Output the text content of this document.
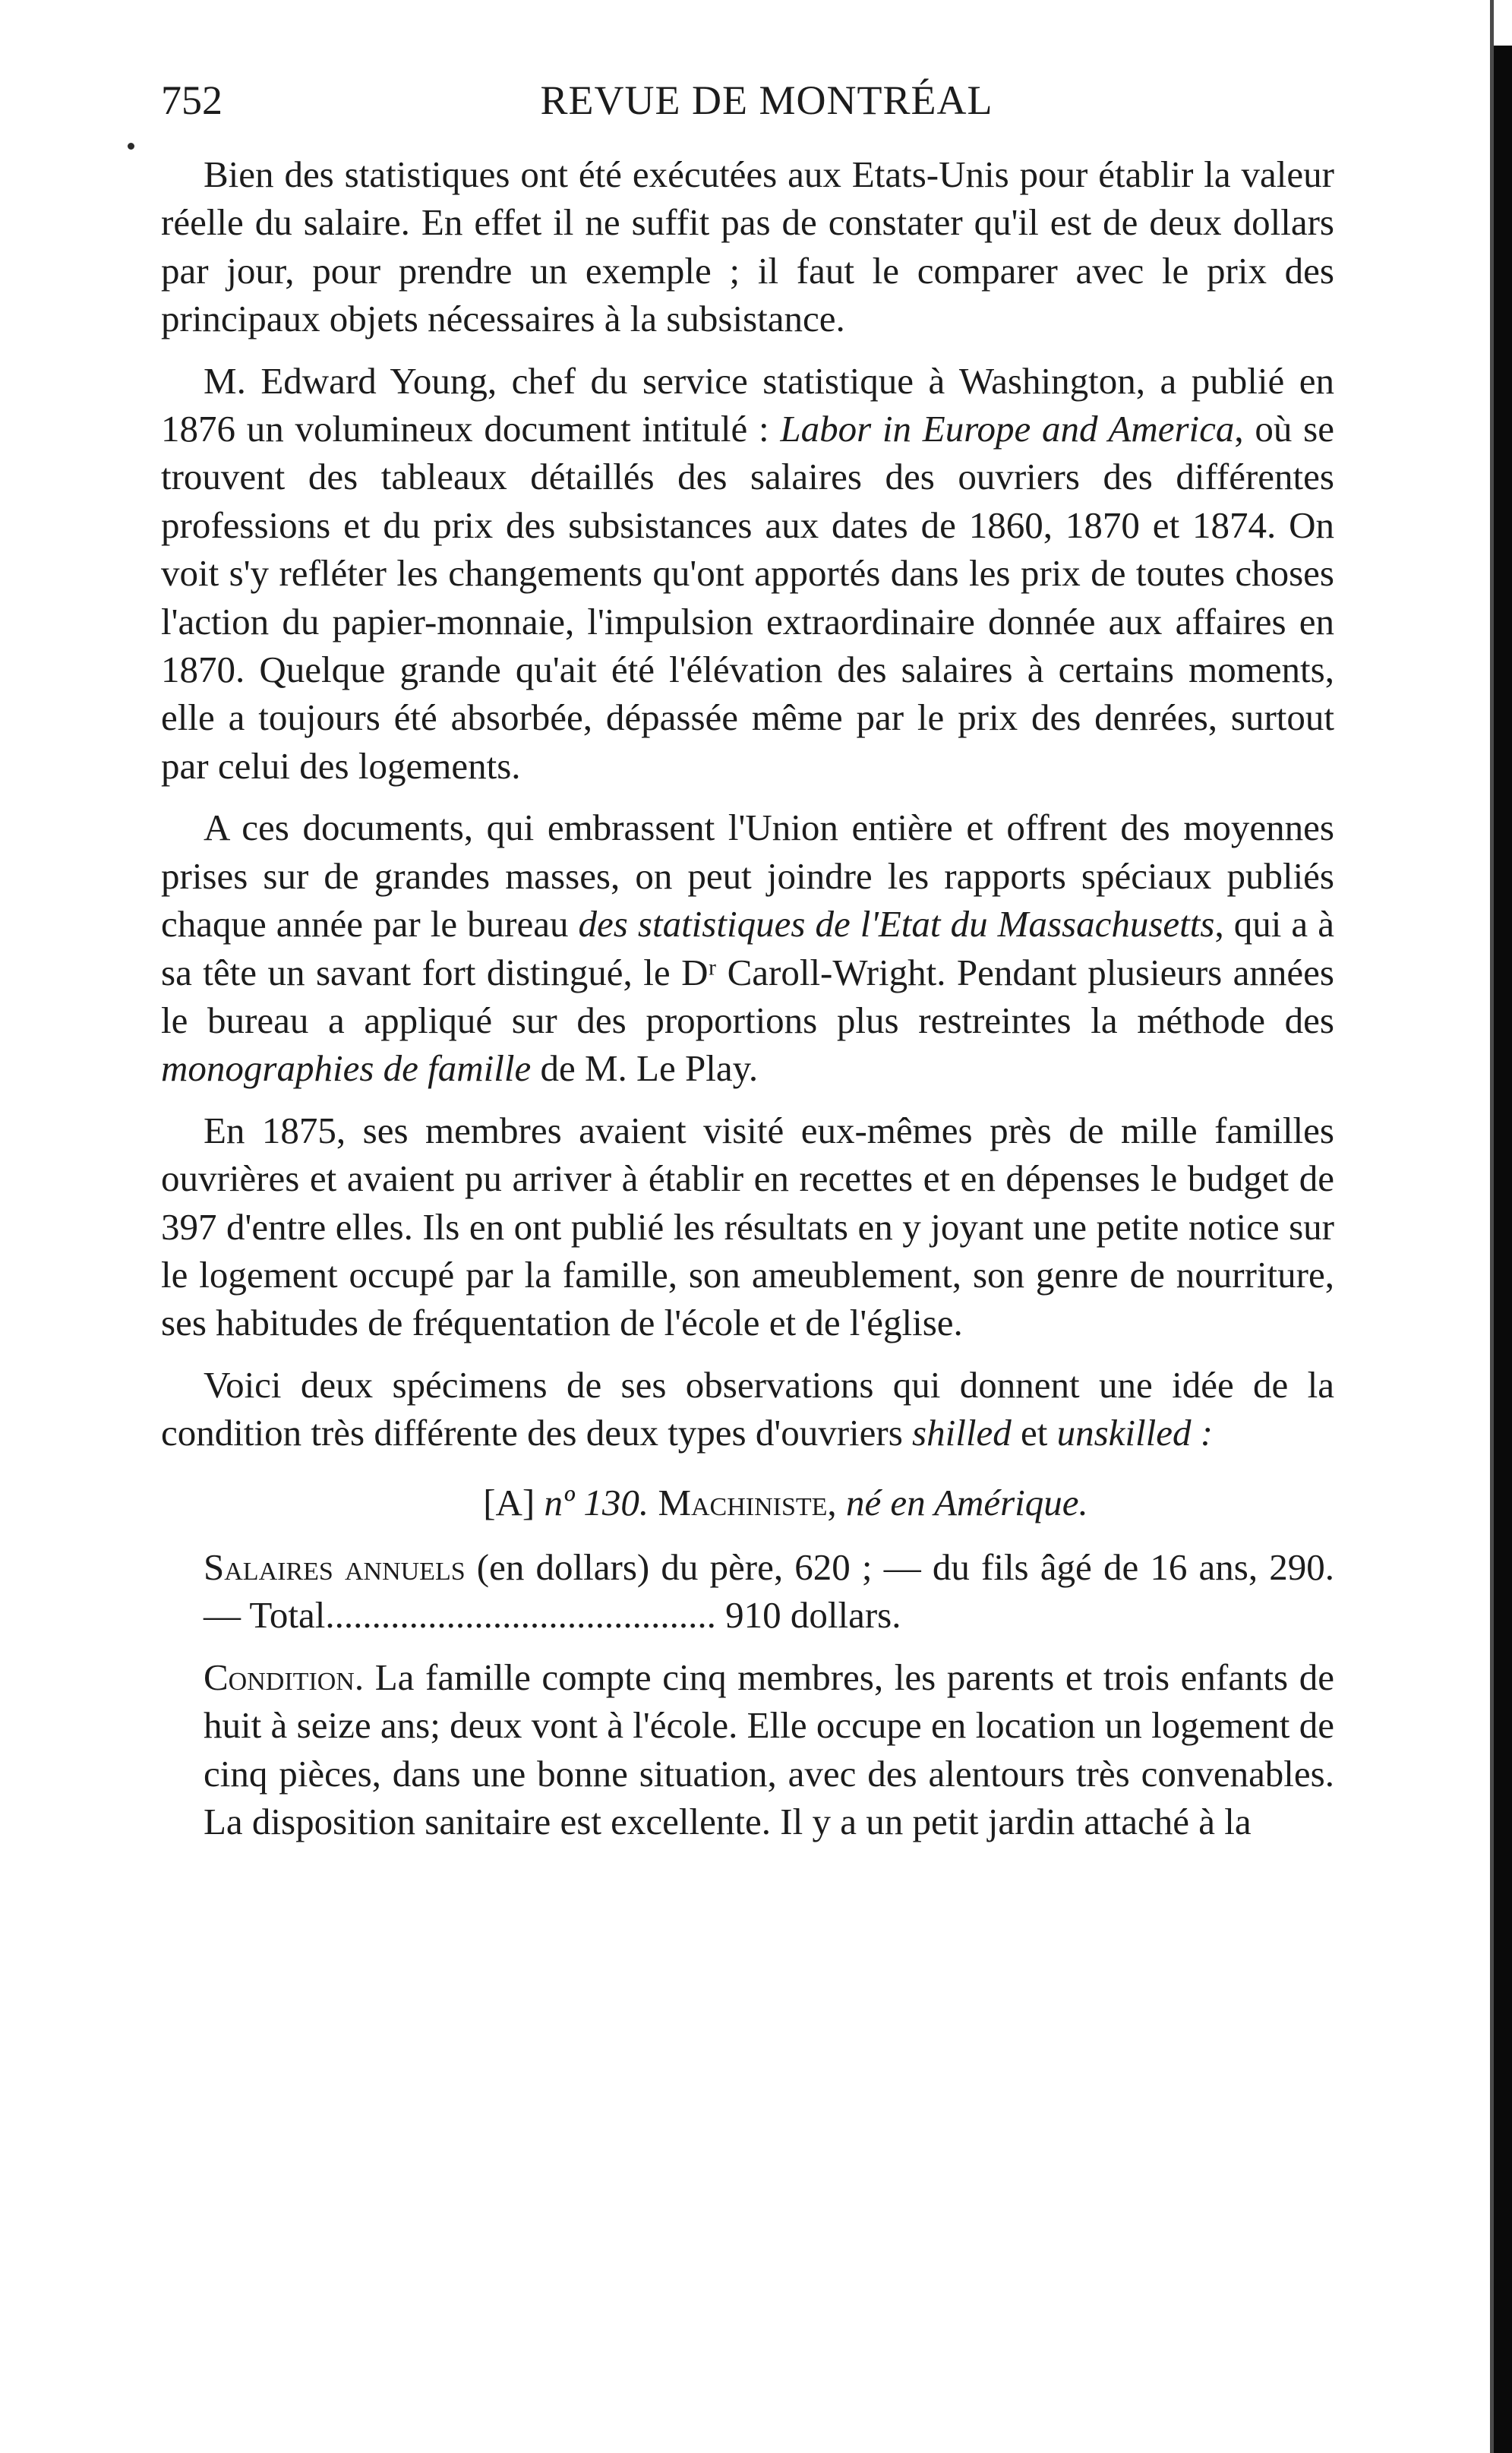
752	REVUE DE MONTRÉAL

Bien des statistiques ont été exécutées aux Etats-Unis pour établir la valeur réelle du salaire. En effet il ne suffit pas de constater qu'il est de deux dollars par jour, pour prendre un exemple ; il faut le comparer avec le prix des principaux objets nécessaires à la subsistance.

M. Edward Young, chef du service statistique à Washington, a publié en 1876 un volumineux document intitulé : Labor in Europe and America, où se trouvent des tableaux détaillés des salaires des ouvriers des différentes professions et du prix des subsistances aux dates de 1860, 1870 et 1874. On voit s'y refléter les changements qu'ont apportés dans les prix de toutes choses l'action du papier-monnaie, l'impulsion extraordinaire donnée aux affaires en 1870. Quelque grande qu'ait été l'élévation des salaires à certains moments, elle a toujours été absorbée, dépassée même par le prix des denrées, surtout par celui des logements.

A ces documents, qui embrassent l'Union entière et offrent des moyennes prises sur de grandes masses, on peut joindre les rapports spéciaux publiés chaque année par le bureau des statistiques de l'Etat du Massachusetts, qui a à sa tête un savant fort distingué, le Dʳ Caroll-Wright. Pendant plusieurs années le bureau a appliqué sur des proportions plus restreintes la méthode des monographies de famille de M. Le Play.

En 1875, ses membres avaient visité eux-mêmes près de mille familles ouvrières et avaient pu arriver à établir en recettes et en dépenses le budget de 397 d'entre elles. Ils en ont publié les résultats en y joyant une petite notice sur le logement occupé par la famille, son ameublement, son genre de nourriture, ses habitudes de fréquentation de l'école et de l'église.

Voici deux spécimens de ses observations qui donnent une idée de la condition très différente des deux types d'ouvriers shilled et unskilled :

[A] nº 130. Machiniste, né en Amérique.

Salaires annuels (en dollars) du père, 620 ; — du fils âgé de 16 ans, 290. — Total.......................................... 910 dollars.

Condition. La famille compte cinq membres, les parents et trois enfants de huit à seize ans; deux vont à l'école. Elle occupe en location un logement de cinq pièces, dans une bonne situation, avec des alentours très convenables. La disposition sanitaire est excellente. Il y a un petit jardin attaché à la
